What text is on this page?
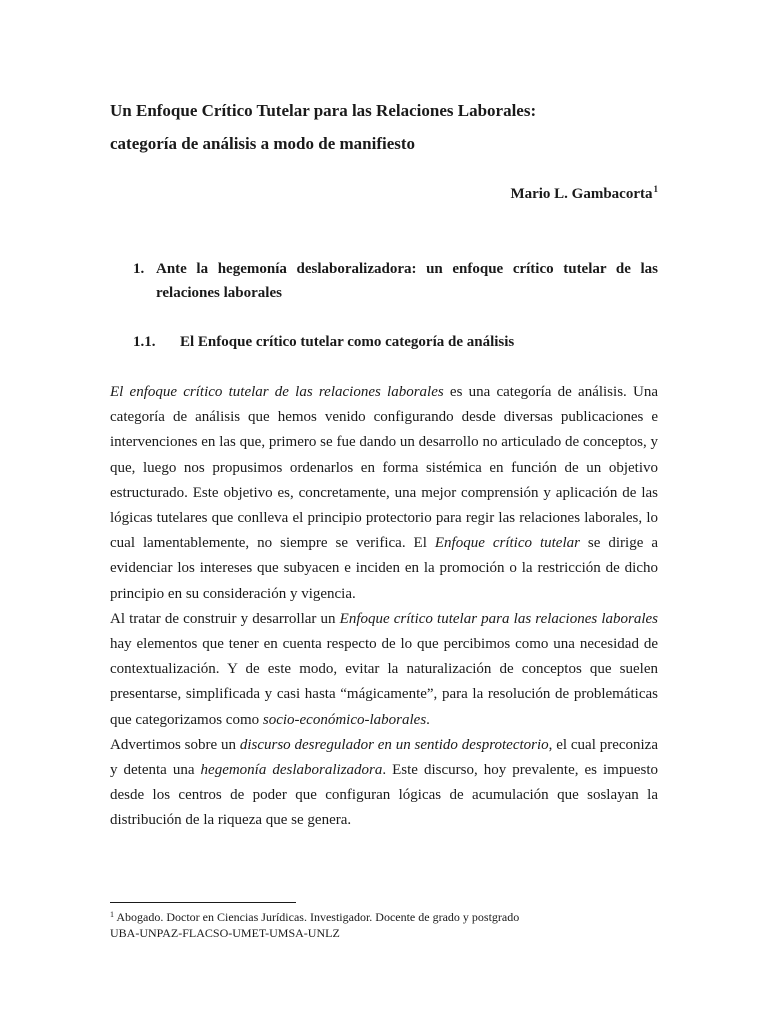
Un Enfoque Crítico Tutelar para las Relaciones Laborales:
categoría de análisis a modo de manifiesto
Mario L. Gambacorta$^1$
1. Ante la hegemonía deslaboralizadora: un enfoque crítico tutelar de las relaciones laborales
1.1. El Enfoque crítico tutelar como categoría de análisis

El enfoque crítico tutelar de las relaciones laborales es una categoría de análisis. Una categoría de análisis que hemos venido configurando desde diversas publicaciones e intervenciones en las que, primero se fue dando un desarrollo no articulado de conceptos, y que, luego nos propusimos ordenarlos en forma sistémica en función de un objetivo estructurado. Este objetivo es, concretamente, una mejor comprensión y aplicación de las lógicas tutelares que conlleva el principio protectorio para regir las relaciones laborales, lo cual lamentablemente, no siempre se verifica. El Enfoque crítico tutelar se dirige a evidenciar los intereses que subyacen e inciden en la promoción o la restricción de dicho principio en su consideración y vigencia.

Al tratar de construir y desarrollar un Enfoque crítico tutelar para las relaciones laborales hay elementos que tener en cuenta respecto de lo que percibimos como una necesidad de contextualización. Y de este modo, evitar la naturalización de conceptos que suelen presentarse, simplificada y casi hasta “mágicamente”, para la resolución de problemáticas que categorizamos como socio-económico-laborales.

Advertimos sobre un discurso desregulador en un sentido desprotectorio, el cual preconiza y detenta una hegemonía deslaboralizadora. Este discurso, hoy prevalente, es impuesto desde los centros de poder que configuran lógicas de acumulación que soslayan la distribución de la riqueza que se genera.

$^1$ Abogado. Doctor en Ciencias Jurídicas. Investigador. Docente de grado y postgrado
UBA-UNPAZ-FLACSO-UMET-UMSA-UNLZ
